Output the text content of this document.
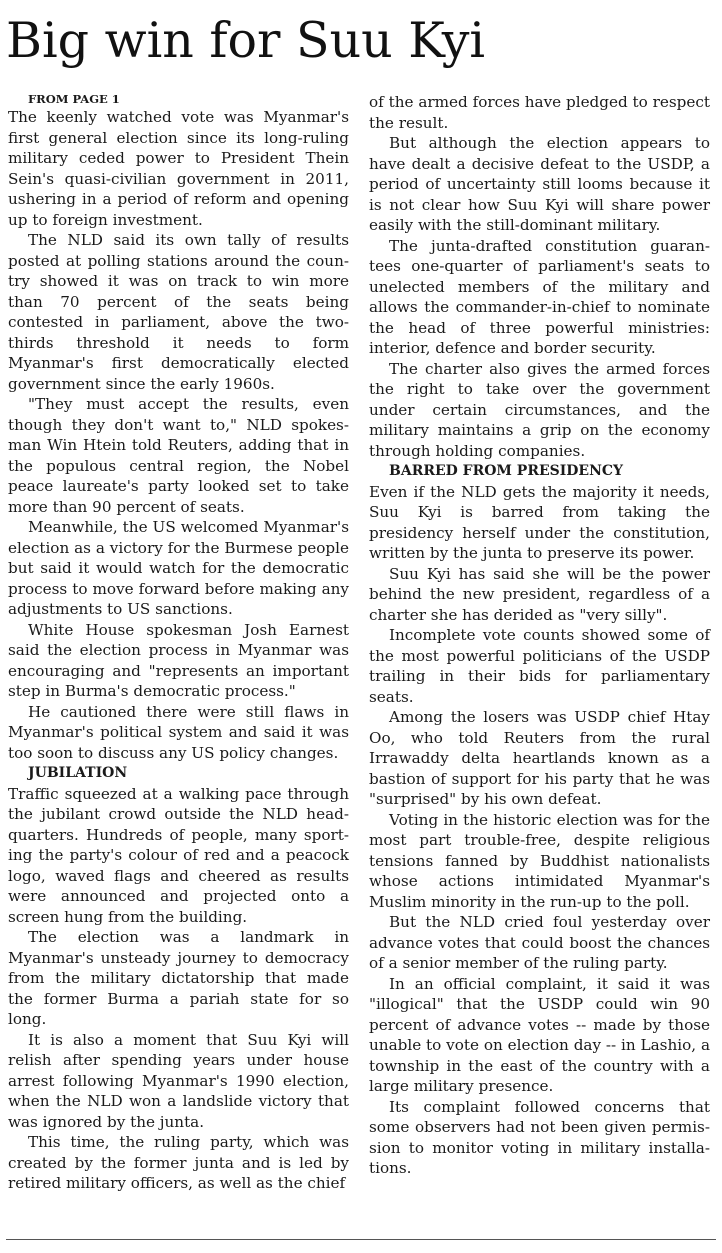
Big win for Suu Kyi

FROM PAGE 1

The keenly watched vote was Myanmar's first general election since its long-ruling military ceded power to President Thein Sein's quasi-civilian government in 2011, ushering in a period of reform and opening up to foreign investment.

The NLD said its own tally of results posted at polling stations around the country showed it was on track to win more than 70 percent of the seats being contested in parliament, above the two-thirds threshold it needs to form Myanmar's first democratically elected government since the early 1960s.

"They must accept the results, even though they don't want to," NLD spokesman Win Htein told Reuters, adding that in the populous central region, the Nobel peace laureate's party looked set to take more than 90 percent of seats.

Meanwhile, the US welcomed Myanmar's election as a victory for the Burmese people but said it would watch for the democratic process to move forward before making any adjustments to US sanctions.

White House spokesman Josh Earnest said the election process in Myanmar was encouraging and "represents an important step in Burma's democratic process."

He cautioned there were still flaws in Myanmar's political system and said it was too soon to discuss any US policy changes.

JUBILATION

Traffic squeezed at a walking pace through the jubilant crowd outside the NLD headquarters. Hundreds of people, many sporting the party's colour of red and a peacock logo, waved flags and cheered as results were announced and projected onto a screen hung from the building.

The election was a landmark in Myanmar's unsteady journey to democracy from the military dictatorship that made the former Burma a pariah state for so long.

It is also a moment that Suu Kyi will relish after spending years under house arrest following Myanmar's 1990 election, when the NLD won a landslide victory that was ignored by the junta.

This time, the ruling party, which was created by the former junta and is led by retired military officers, as well as the chief

of the armed forces have pledged to respect the result.

But although the election appears to have dealt a decisive defeat to the USDP, a period of uncertainty still looms because it is not clear how Suu Kyi will share power easily with the still-dominant military.

The junta-drafted constitution guarantees one-quarter of parliament's seats to unelected members of the military and allows the commander-in-chief to nominate the head of three powerful ministries: interior, defence and border security.

The charter also gives the armed forces the right to take over the government under certain circumstances, and the military maintains a grip on the economy through holding companies.

BARRED FROM PRESIDENCY

Even if the NLD gets the majority it needs, Suu Kyi is barred from taking the presidency herself under the constitution, written by the junta to preserve its power.

Suu Kyi has said she will be the power behind the new president, regardless of a charter she has derided as "very silly".

Incomplete vote counts showed some of the most powerful politicians of the USDP trailing in their bids for parliamentary seats.

Among the losers was USDP chief Htay Oo, who told Reuters from the rural Irrawaddy delta heartlands known as a bastion of support for his party that he was "surprised" by his own defeat.

Voting in the historic election was for the most part trouble-free, despite religious tensions fanned by Buddhist nationalists whose actions intimidated Myanmar's Muslim minority in the run-up to the poll.

But the NLD cried foul yesterday over advance votes that could boost the chances of a senior member of the ruling party.

In an official complaint, it said it was "illogical" that the USDP could win 90 percent of advance votes -- made by those unable to vote on election day -- in Lashio, a township in the east of the country with a large military presence.

Its complaint followed concerns that some observers had not been given permission to monitor voting in military installations.
